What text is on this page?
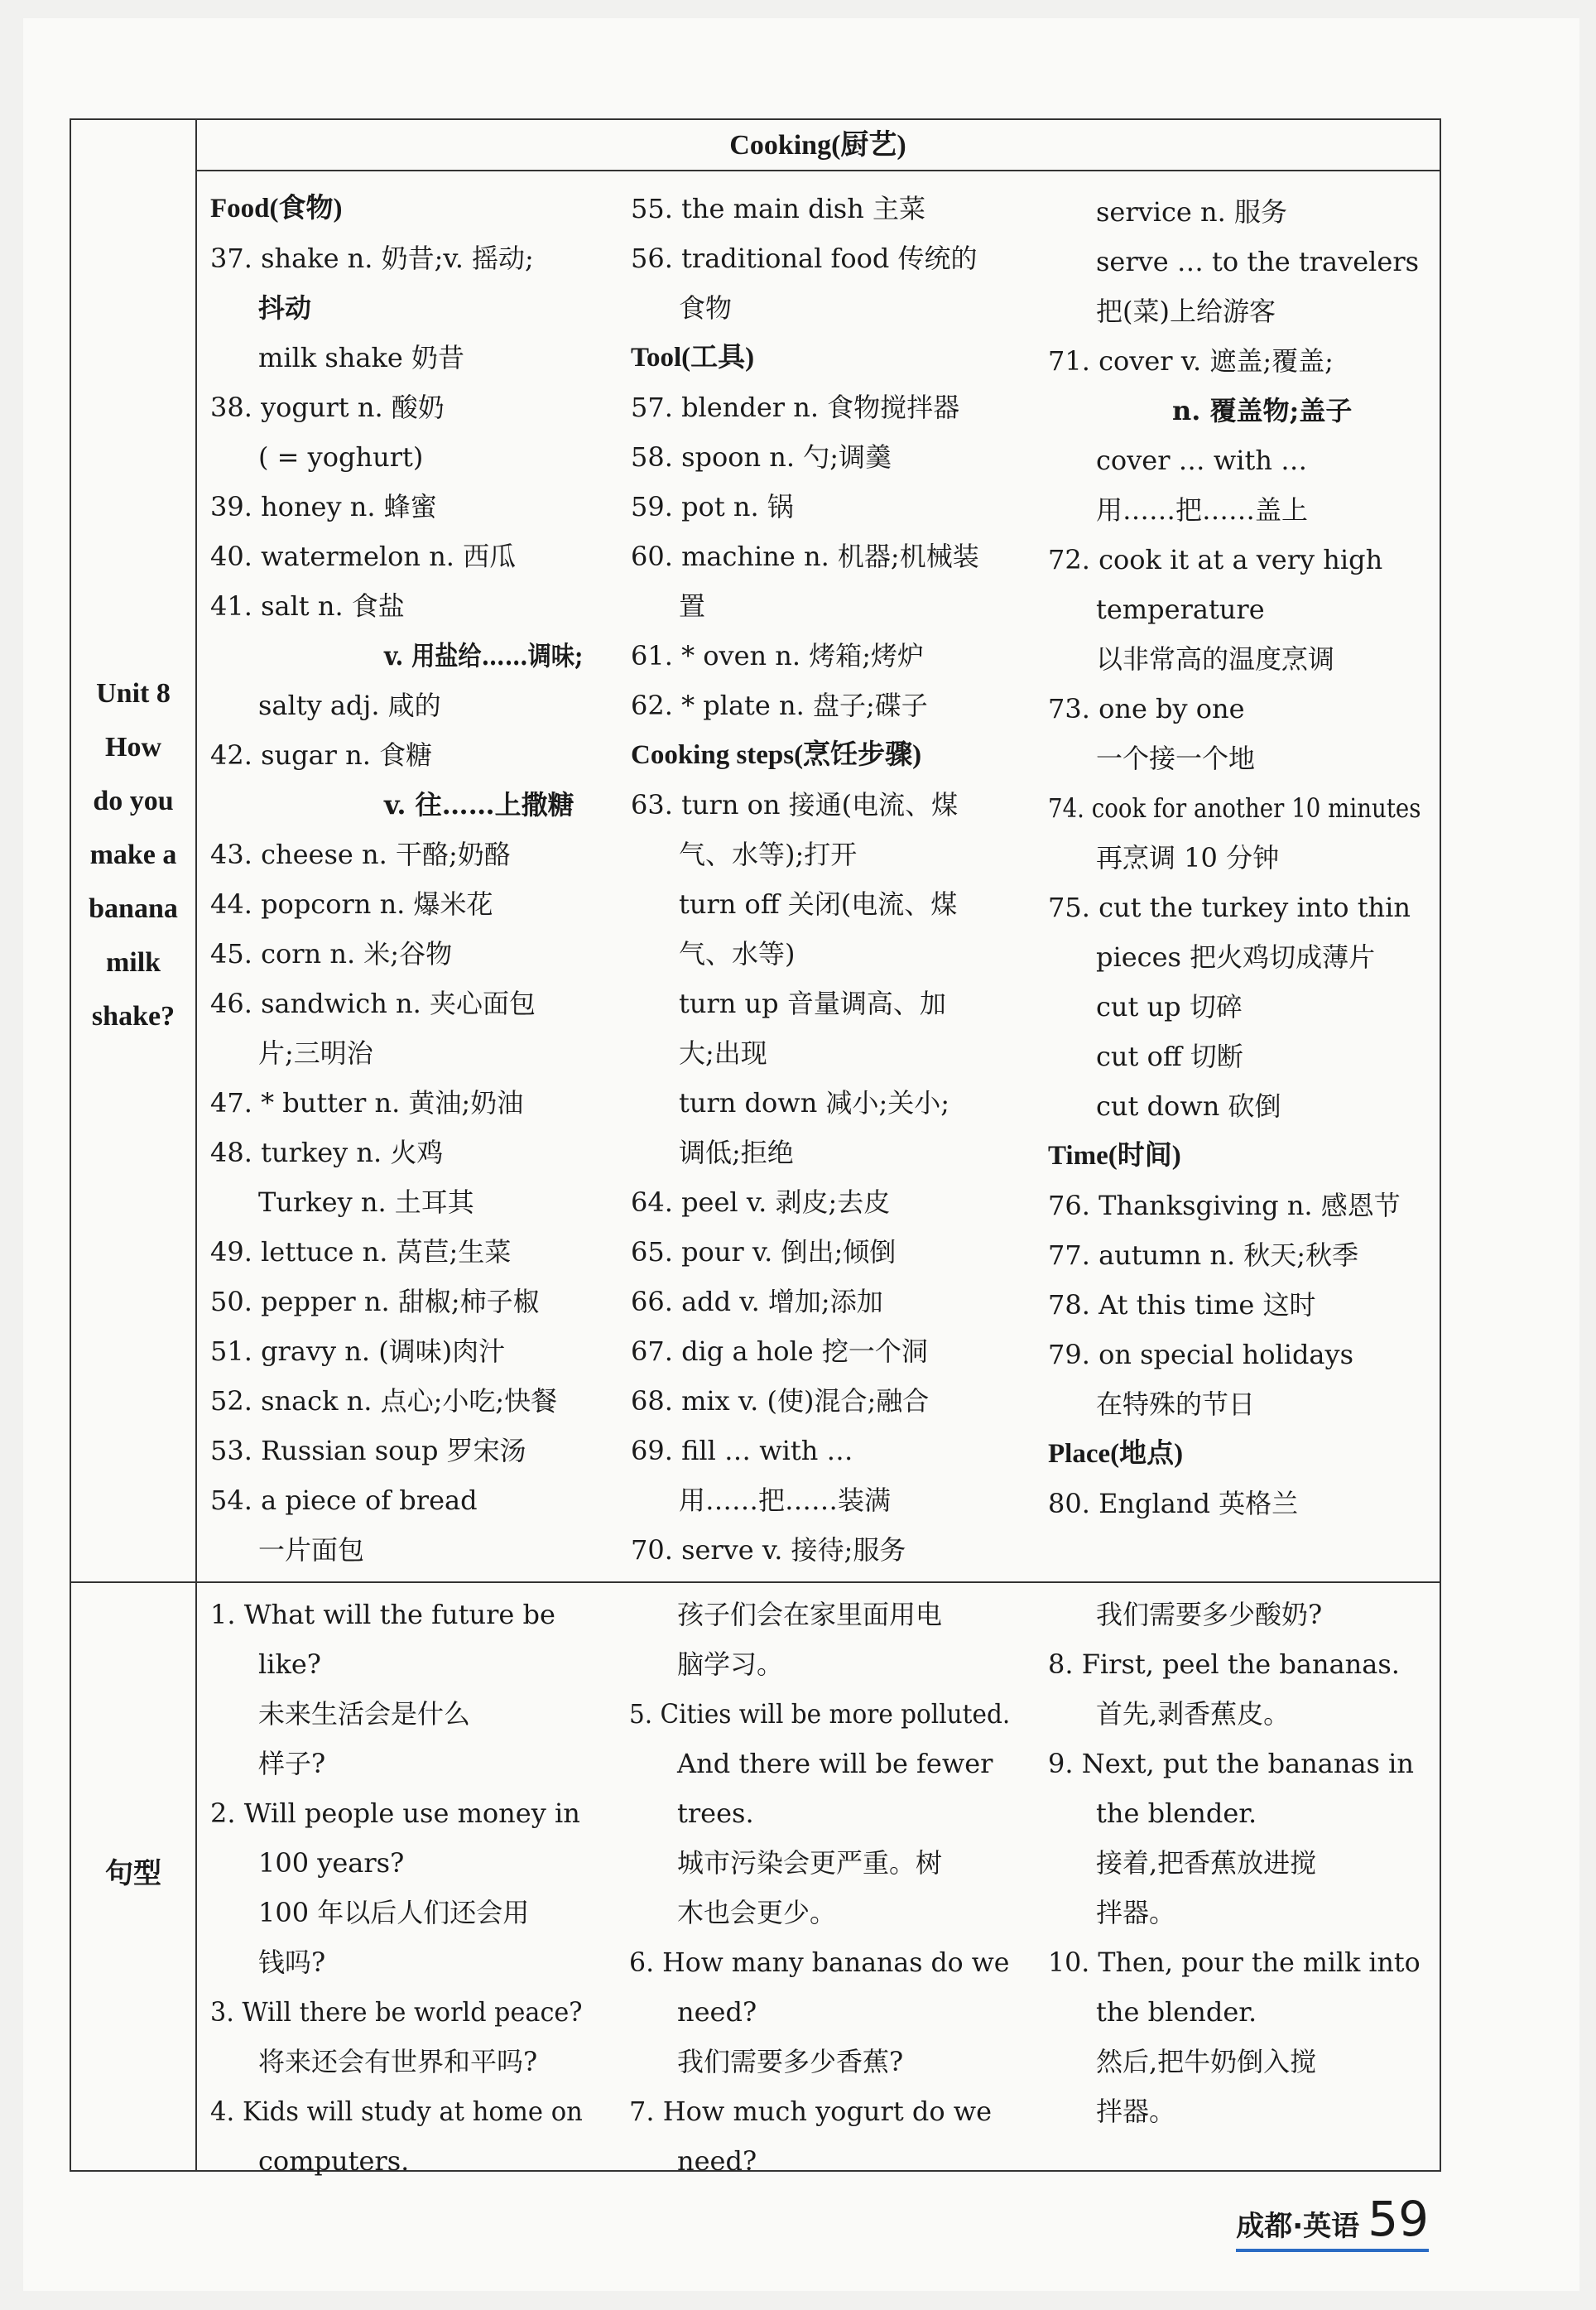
Cooking(厨艺)
Unit 8
How
do you
make a
banana
milk
shake?
句型
Food(食物)
37. shake n. 奶昔;v. 摇动;
抖动
milk shake 奶昔
38. yogurt n. 酸奶
( = yoghurt)
39. honey n. 蜂蜜
40. watermelon n. 西瓜
41. salt n. 食盐
v. 用盐给……调味;
salty adj. 咸的
42. sugar n. 食糖
v. 往……上撒糖
43. cheese n. 干酪;奶酪
44. popcorn n. 爆米花
45. corn n. 米;谷物
46. sandwich n. 夹心面包
片;三明治
47. * butter n. 黄油;奶油
48. turkey n. 火鸡
Turkey n. 土耳其
49. lettuce n. 莴苣;生菜
50. pepper n. 甜椒;柿子椒
51. gravy n. (调味)肉汁
52. snack n. 点心;小吃;快餐
53. Russian soup 罗宋汤
54. a piece of bread
一片面包
55. the main dish 主菜
56. traditional food 传统的
食物
Tool(工具)
57. blender n. 食物搅拌器
58. spoon n. 勺;调羹
59. pot n. 锅
60. machine n. 机器;机械装
置
61. * oven n. 烤箱;烤炉
62. * plate n. 盘子;碟子
Cooking steps(烹饪步骤)
63. turn on 接通(电流、煤
气、水等);打开
turn off 关闭(电流、煤
气、水等)
turn up 音量调高、加
大;出现
turn down 减小;关小;
调低;拒绝
64. peel v. 剥皮;去皮
65. pour v. 倒出;倾倒
66. add v. 增加;添加
67. dig a hole 挖一个洞
68. mix v. (使)混合;融合
69. fill … with …
用……把……装满
70. serve v. 接待;服务
service n. 服务
serve … to the travelers
把(菜)上给游客
71. cover v. 遮盖;覆盖;
n. 覆盖物;盖子
cover … with …
用……把……盖上
72. cook it at a very high
temperature
以非常高的温度烹调
73. one by one
一个接一个地
74. cook for another 10 minutes
再烹调 10 分钟
75. cut the turkey into thin
pieces 把火鸡切成薄片
cut up 切碎
cut off 切断
cut down 砍倒
Time(时间)
76. Thanksgiving n. 感恩节
77. autumn n. 秋天;秋季
78. At this time 这时
79. on special holidays
在特殊的节日
Place(地点)
80. England 英格兰
1. What will the future be
like?
未来生活会是什么
样子?
2. Will people use money in
100 years?
100 年以后人们还会用
钱吗?
3. Will there be world peace?
将来还会有世界和平吗?
4. Kids will study at home on
computers.
孩子们会在家里面用电
脑学习。
5. Cities will be more polluted.
And there will be fewer
trees.
城市污染会更严重。树
木也会更少。
6. How many bananas do we
need?
我们需要多少香蕉?
7. How much yogurt do we
need?
我们需要多少酸奶?
8. First, peel the bananas.
首先,剥香蕉皮。
9. Next, put the bananas in
the blender.
接着,把香蕉放进搅
拌器。
10. Then, pour the milk into
the blender.
然后,把牛奶倒入搅
拌器。
成都·英语 59
